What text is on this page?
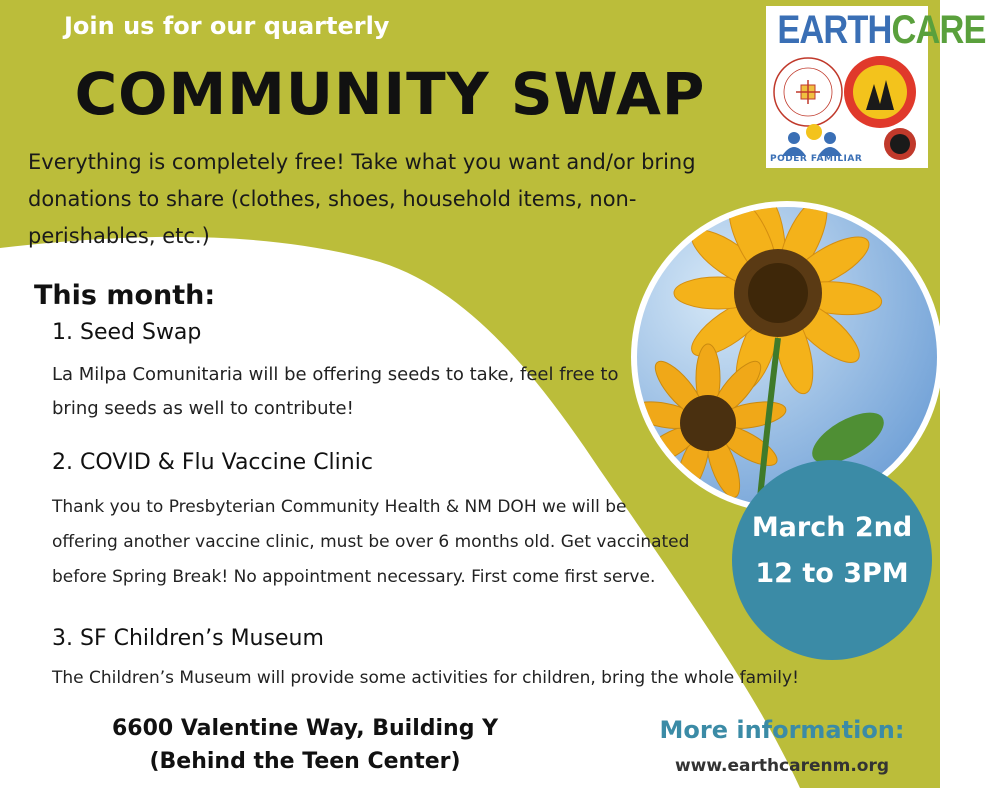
Join us for our quarterly

COMMUNITY SWAP

Everything is completely free! Take what you want and/or bring donations to share (clothes, shoes, household items, non-perishables, etc.)

EARTHCARE
PODER FAMILIAR
This month:

1. Seed Swap

La Milpa Comunitaria will be offering seeds to take, feel free to bring seeds as well to contribute!

2. COVID & Flu Vaccine Clinic

Thank you to Presbyterian Community Health & NM DOH we will be offering another vaccine clinic, must be over 6 months old. Get vaccinated before Spring Break! No appointment necessary. First come first serve.

3. SF Children’s Museum

The Children’s Museum will provide some activities for children, bring the whole family!

March 2nd

12 to 3PM

6600 Valentine Way, Building Y

(Behind the Teen Center)

More information:

www.earthcarenm.org
